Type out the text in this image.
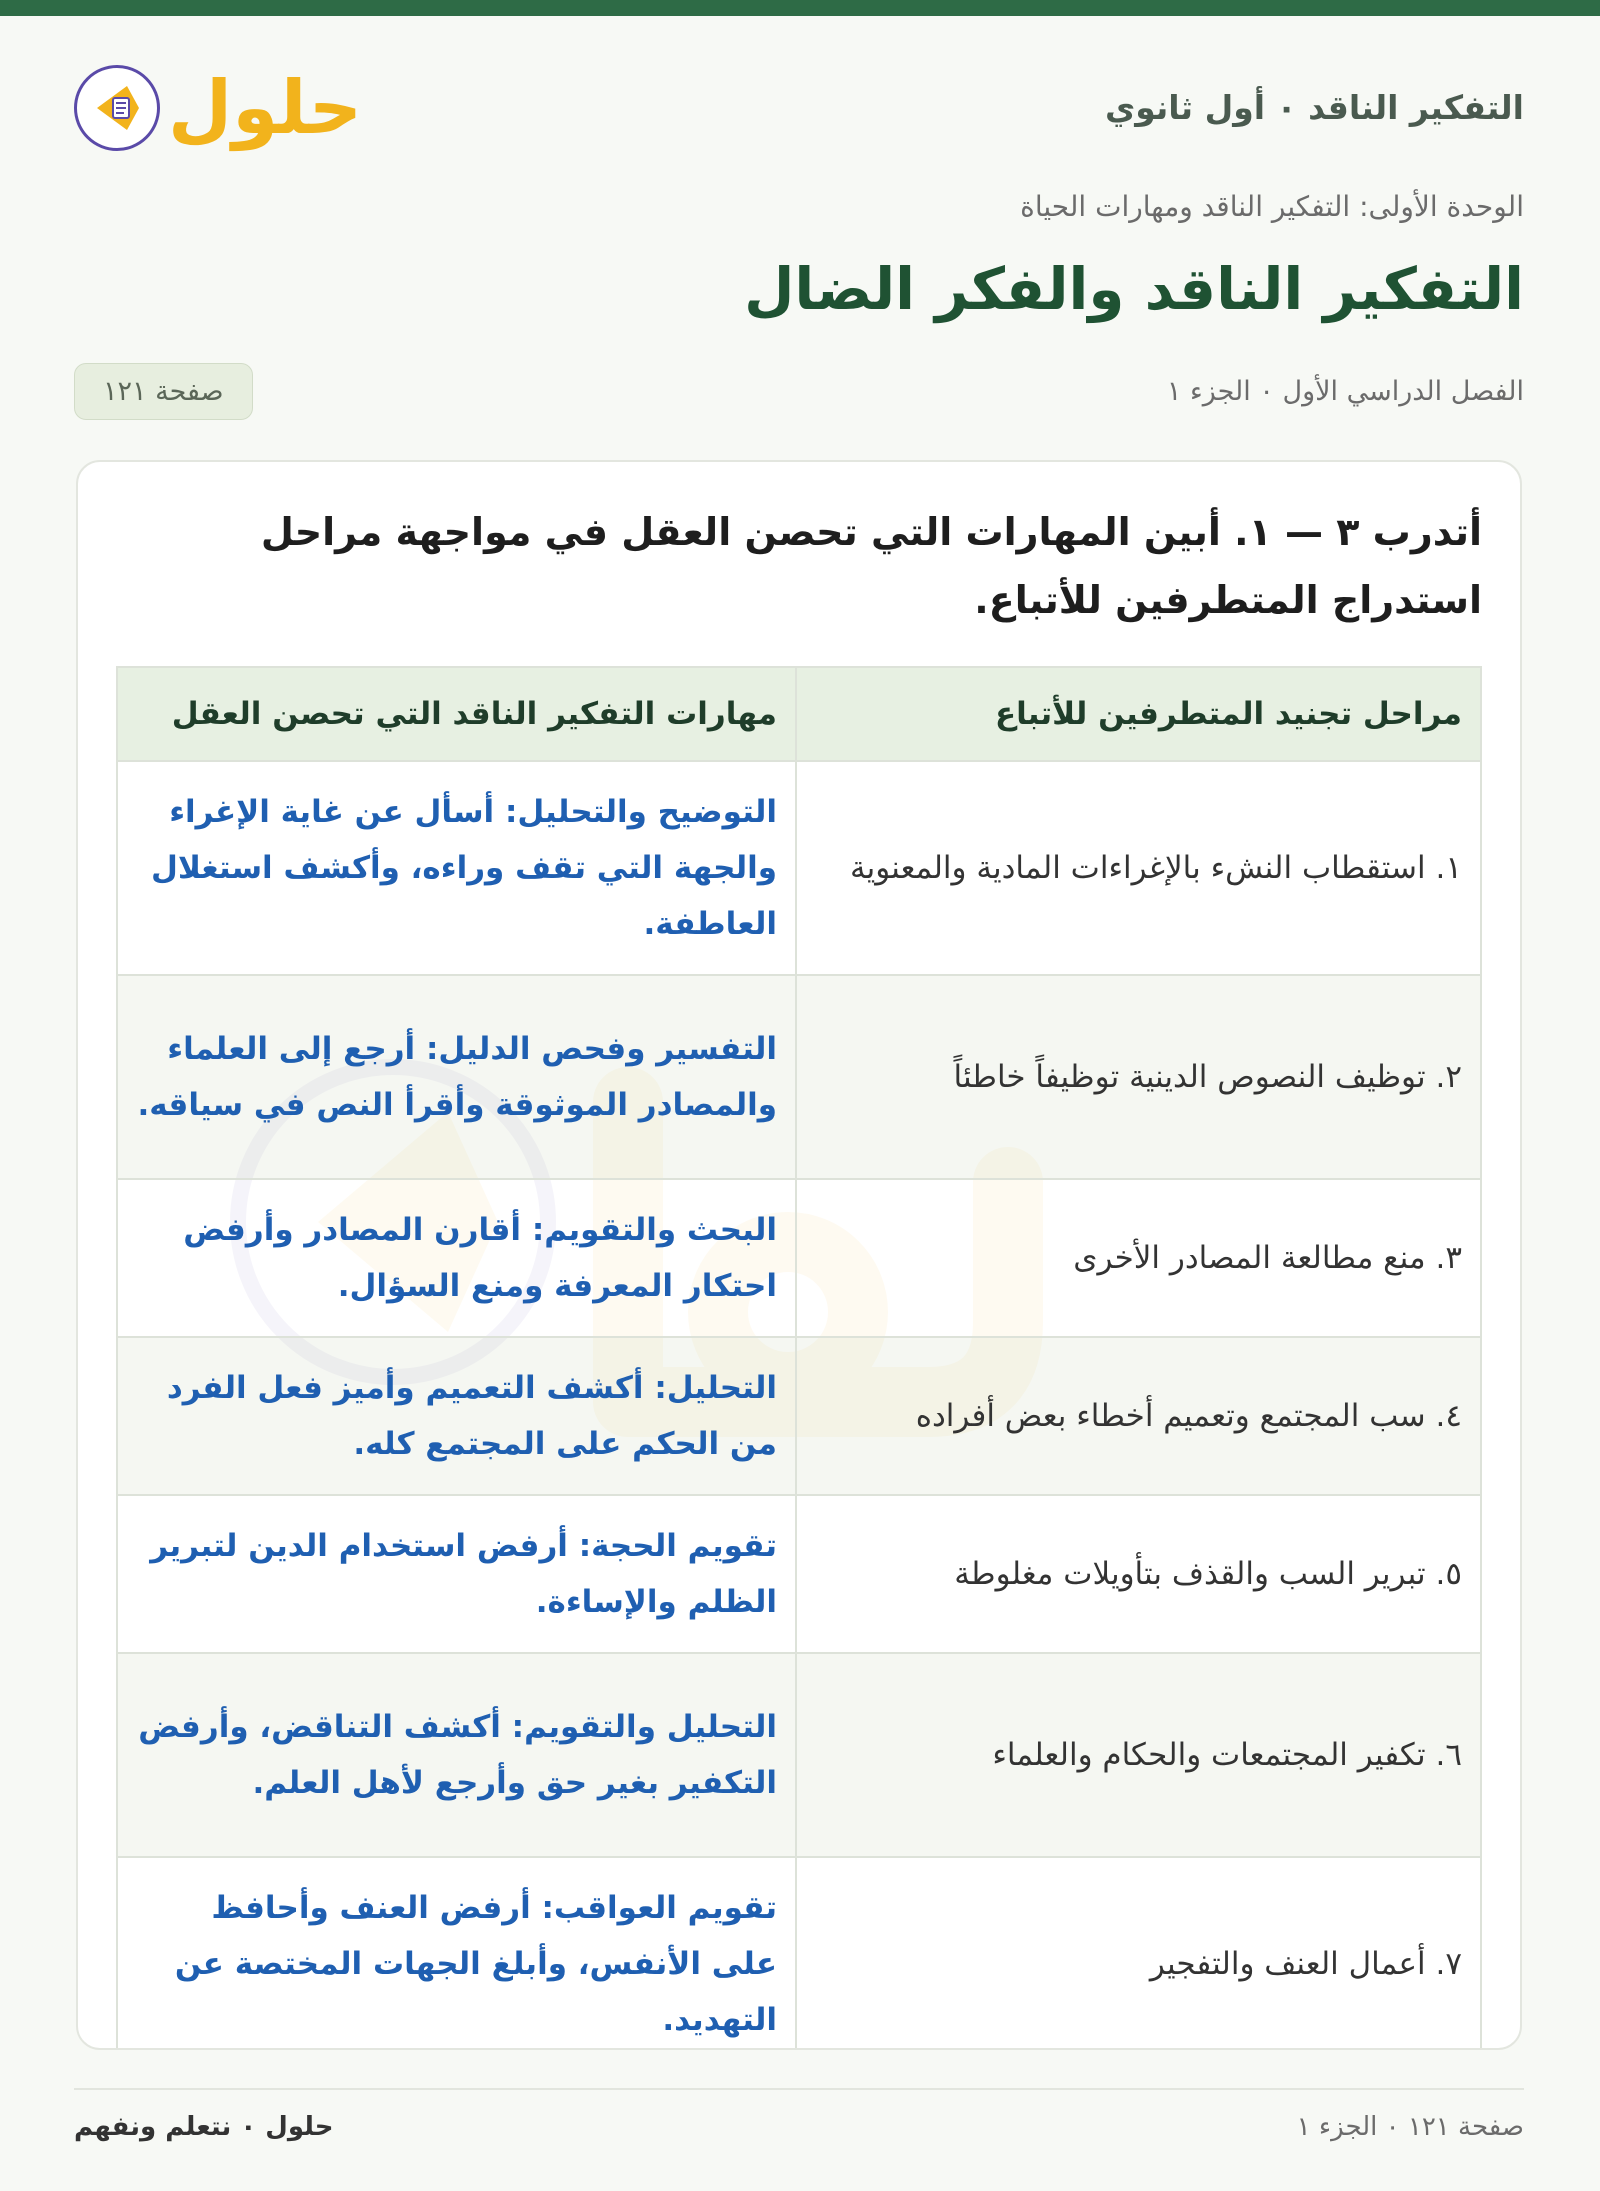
التفكير الناقد ٠ أول ثانوي
حلول
الوحدة الأولى: التفكير الناقد ومهارات الحياة
التفكير الناقد والفكر الضال
الفصل الدراسي الأول ٠ الجزء ١
صفحة ١٢١

أتدرب ٣ — ١. أبين المهارات التي تحصن العقل في مواجهة مراحل استدراج المتطرفين للأتباع.

مراحل تجنيد المتطرفين للأتباع	مهارات التفكير الناقد التي تحصن العقل
١. استقطاب النشء بالإغراءات المادية والمعنوية	التوضيح والتحليل: أسأل عن غاية الإغراء والجهة التي تقف وراءه، وأكشف استغلال العاطفة.
٢. توظيف النصوص الدينية توظيفاً خاطئاً	التفسير وفحص الدليل: أرجع إلى العلماء والمصادر الموثوقة وأقرأ النص في سياقه.
٣. منع مطالعة المصادر الأخرى	البحث والتقويم: أقارن المصادر وأرفض احتكار المعرفة ومنع السؤال.
٤. سب المجتمع وتعميم أخطاء بعض أفراده	التحليل: أكشف التعميم وأميز فعل الفرد من الحكم على المجتمع كله.
٥. تبرير السب والقذف بتأويلات مغلوطة	تقويم الحجة: أرفض استخدام الدين لتبرير الظلم والإساءة.
٦. تكفير المجتمعات والحكام والعلماء	التحليل والتقويم: أكشف التناقض، وأرفض التكفير بغير حق وأرجع لأهل العلم.
٧. أعمال العنف والتفجير	تقويم العواقب: أرفض العنف وأحافظ على الأنفس، وأبلغ الجهات المختصة عن التهديد.
صفحة ١٢١ ٠ الجزء ١
حلول ٠ نتعلم ونفهم
